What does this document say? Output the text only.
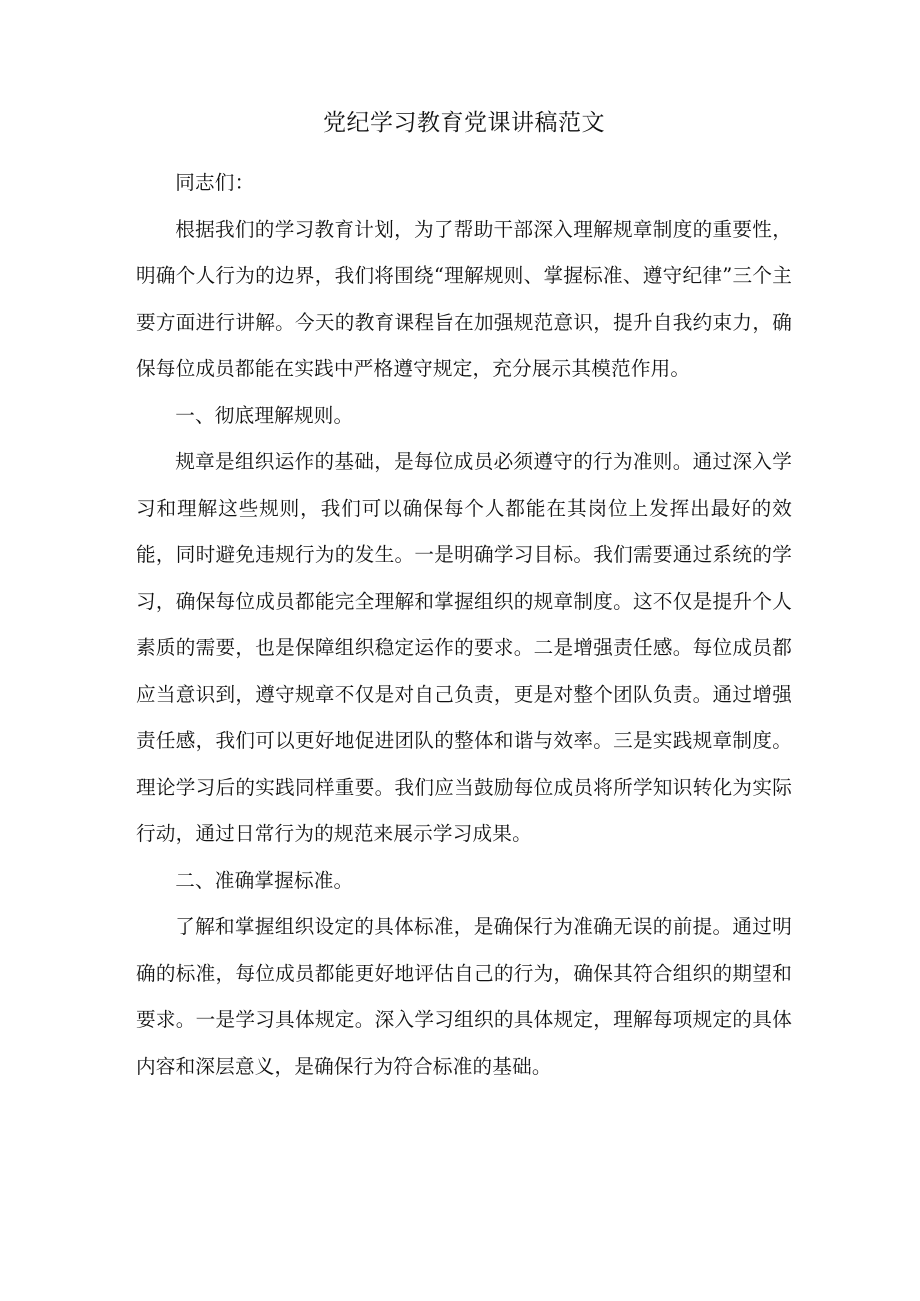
党纪学习教育党课讲稿范文

同志们：

根据我们的学习教育计划，为了帮助干部深入理解规章制度的重要性，明确个人行为的边界，我们将围绕“理解规则、掌握标准、遵守纪律”三个主要方面进行讲解。今天的教育课程旨在加强规范意识，提升自我约束力，确保每位成员都能在实践中严格遵守规定，充分展示其模范作用。

一、彻底理解规则。

规章是组织运作的基础，是每位成员必须遵守的行为准则。通过深入学习和理解这些规则，我们可以确保每个人都能在其岗位上发挥出最好的效能，同时避免违规行为的发生。一是明确学习目标。我们需要通过系统的学习，确保每位成员都能完全理解和掌握组织的规章制度。这不仅是提升个人素质的需要，也是保障组织稳定运作的要求。二是增强责任感。每位成员都应当意识到，遵守规章不仅是对自己负责，更是对整个团队负责。通过增强责任感，我们可以更好地促进团队的整体和谐与效率。三是实践规章制度。理论学习后的实践同样重要。我们应当鼓励每位成员将所学知识转化为实际行动，通过日常行为的规范来展示学习成果。

二、准确掌握标准。

了解和掌握组织设定的具体标准，是确保行为准确无误的前提。通过明确的标准，每位成员都能更好地评估自己的行为，确保其符合组织的期望和要求。一是学习具体规定。深入学习组织的具体规定，理解每项规定的具体内容和深层意义，是确保行为符合标准的基础。
